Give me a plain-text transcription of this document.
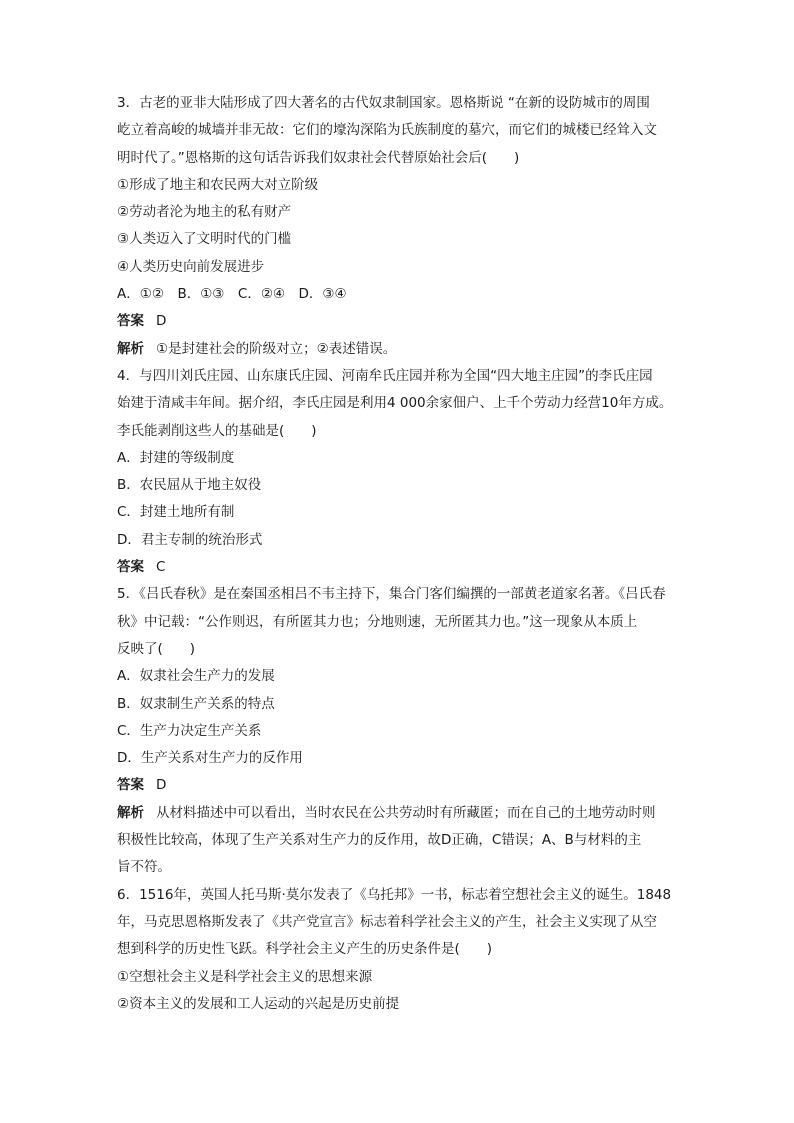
3．古老的亚非大陆形成了四大著名的古代奴隶制国家。恩格斯说 “在新的设防城市的周围
屹立着高峻的城墙并非无故：它们的壕沟深陷为氏族制度的墓穴，而它们的城楼已经耸入文
明时代了。”恩格斯的这句话告诉我们奴隶社会代替原始社会后(　　)
①形成了地主和农民两大对立阶级
②劳动者沦为地主的私有财产
③人类迈入了文明时代的门槛
④人类历史向前发展进步
A．①②　B．①③　C．②④　D．③④
答案 D
解析 ①是封建社会的阶级对立；②表述错误。
4．与四川刘氏庄园、山东康氏庄园、河南牟氏庄园并称为全国“四大地主庄园”的李氏庄园
始建于清咸丰年间。据介绍，李氏庄园是利用4 000余家佃户、上千个劳动力经营10年方成。
李氏能剥削这些人的基础是(　　)
A．封建的等级制度
B．农民屈从于地主奴役
C．封建土地所有制
D．君主专制的统治形式
答案 C
5．《吕氏春秋》是在秦国丞相吕不韦主持下，集合门客们编撰的一部黄老道家名著。《吕氏春
秋》中记载：“公作则迟，有所匿其力也；分地则速，无所匿其力也。”这一现象从本质上
反映了(　　)
A．奴隶社会生产力的发展
B．奴隶制生产关系的特点
C．生产力决定生产关系
D．生产关系对生产力的反作用
答案 D
解析 从材料描述中可以看出，当时农民在公共劳动时有所藏匿；而在自己的土地劳动时则
积极性比较高，体现了生产关系对生产力的反作用，故D正确，C错误；A、B与材料的主
旨不符。
6．1516年，英国人托马斯·莫尔发表了《乌托邦》一书，标志着空想社会主义的诞生。1848
年，马克思恩格斯发表了《共产党宣言》标志着科学社会主义的产生，社会主义实现了从空
想到科学的历史性飞跃。科学社会主义产生的历史条件是(　　)
①空想社会主义是科学社会主义的思想来源
②资本主义的发展和工人运动的兴起是历史前提
